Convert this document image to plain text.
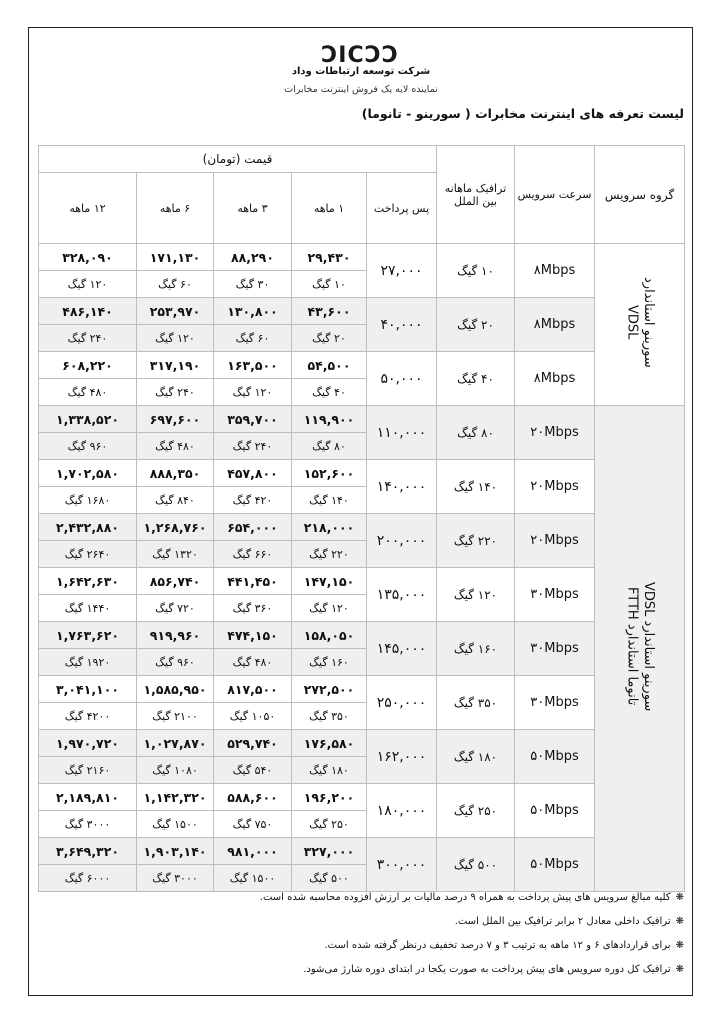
ƆICƆƆ
شرکت توسعه ارتباطات وداد
نماینده لایه یک فروش اینترنت مخابرات
لیست تعرفه های اینترنت مخابرات ( سورینو - تانوما)
گروه سرویس	سرعت سرویس	ترافیک ماهانه بین الملل	قیمت (تومان)				
			پس پرداخت	۱ ماهه	۳ ماهه	۶ ماهه	۱۲ ماهه
سورینو استاندارد
VDSL	۸Mbps	۱۰ گیگ	۲۷,۰۰۰	۲۹,۴۳۰	۸۸,۲۹۰	۱۷۱,۱۳۰	۳۲۸,۰۹۰

				۱۰ گیگ	۳۰ گیگ	۶۰ گیگ	۱۲۰ گیگ

	۸Mbps	۲۰ گیگ	۴۰,۰۰۰	۴۳,۶۰۰	۱۳۰,۸۰۰	۲۵۳,۹۷۰	۴۸۶,۱۴۰

				۲۰ گیگ	۶۰ گیگ	۱۲۰ گیگ	۲۴۰ گیگ

	۸Mbps	۴۰ گیگ	۵۰,۰۰۰	۵۴,۵۰۰	۱۶۳,۵۰۰	۳۱۷,۱۹۰	۶۰۸,۲۲۰

				۴۰ گیگ	۱۲۰ گیگ	۲۴۰ گیگ	۴۸۰ گیگ

سورینو استاندارد VDSL
تانوما استاندارد FTTH	۲۰Mbps	۸۰ گیگ	۱۱۰,۰۰۰	۱۱۹,۹۰۰	۳۵۹,۷۰۰	۶۹۷,۶۰۰	۱,۳۳۸,۵۲۰

				۸۰ گیگ	۲۴۰ گیگ	۴۸۰ گیگ	۹۶۰ گیگ

	۲۰Mbps	۱۴۰ گیگ	۱۴۰,۰۰۰	۱۵۲,۶۰۰	۴۵۷,۸۰۰	۸۸۸,۳۵۰	۱,۷۰۲,۵۸۰

				۱۴۰ گیگ	۴۲۰ گیگ	۸۴۰ گیگ	۱۶۸۰ گیگ

	۲۰Mbps	۲۲۰ گیگ	۲۰۰,۰۰۰	۲۱۸,۰۰۰	۶۵۴,۰۰۰	۱,۲۶۸,۷۶۰	۲,۴۳۲,۸۸۰

				۲۲۰ گیگ	۶۶۰ گیگ	۱۳۲۰ گیگ	۲۶۴۰ گیگ

	۳۰Mbps	۱۲۰ گیگ	۱۳۵,۰۰۰	۱۴۷,۱۵۰	۴۴۱,۴۵۰	۸۵۶,۷۴۰	۱,۶۴۲,۶۳۰

				۱۲۰ گیگ	۳۶۰ گیگ	۷۲۰ گیگ	۱۴۴۰ گیگ

	۳۰Mbps	۱۶۰ گیگ	۱۴۵,۰۰۰	۱۵۸,۰۵۰	۴۷۴,۱۵۰	۹۱۹,۹۶۰	۱,۷۶۳,۶۲۰

				۱۶۰ گیگ	۴۸۰ گیگ	۹۶۰ گیگ	۱۹۲۰ گیگ

	۳۰Mbps	۳۵۰ گیگ	۲۵۰,۰۰۰	۲۷۲,۵۰۰	۸۱۷,۵۰۰	۱,۵۸۵,۹۵۰	۳,۰۴۱,۱۰۰

				۳۵۰ گیگ	۱۰۵۰ گیگ	۲۱۰۰ گیگ	۴۲۰۰ گیگ

	۵۰Mbps	۱۸۰ گیگ	۱۶۲,۰۰۰	۱۷۶,۵۸۰	۵۲۹,۷۴۰	۱,۰۲۷,۸۷۰	۱,۹۷۰,۷۲۰

				۱۸۰ گیگ	۵۴۰ گیگ	۱۰۸۰ گیگ	۲۱۶۰ گیگ

	۵۰Mbps	۲۵۰ گیگ	۱۸۰,۰۰۰	۱۹۶,۲۰۰	۵۸۸,۶۰۰	۱,۱۴۲,۳۲۰	۲,۱۸۹,۸۱۰

				۲۵۰ گیگ	۷۵۰ گیگ	۱۵۰۰ گیگ	۳۰۰۰ گیگ

	۵۰Mbps	۵۰۰ گیگ	۳۰۰,۰۰۰	۳۲۷,۰۰۰	۹۸۱,۰۰۰	۱,۹۰۳,۱۴۰	۳,۶۴۹,۳۲۰

				۵۰۰ گیگ	۱۵۰۰ گیگ	۳۰۰۰ گیگ	۶۰۰۰ گیگ
❋کلیه مبالغ سرویس های پیش پرداخت به همراه ۹ درصد مالیات بر ارزش افزوده محاسبه شده است.
❋ترافیک داخلی معادل ۲ برابر ترافیک بین الملل است.
❋برای قراردادهای ۶ و ۱۲ ماهه به ترتیب ۳ و ۷ درصد تخفیف درنظر گرفته شده است.
❋ترافیک کل دوره سرویس های پیش پرداخت به صورت یکجا در ابتدای دوره شارژ می‌شود.
